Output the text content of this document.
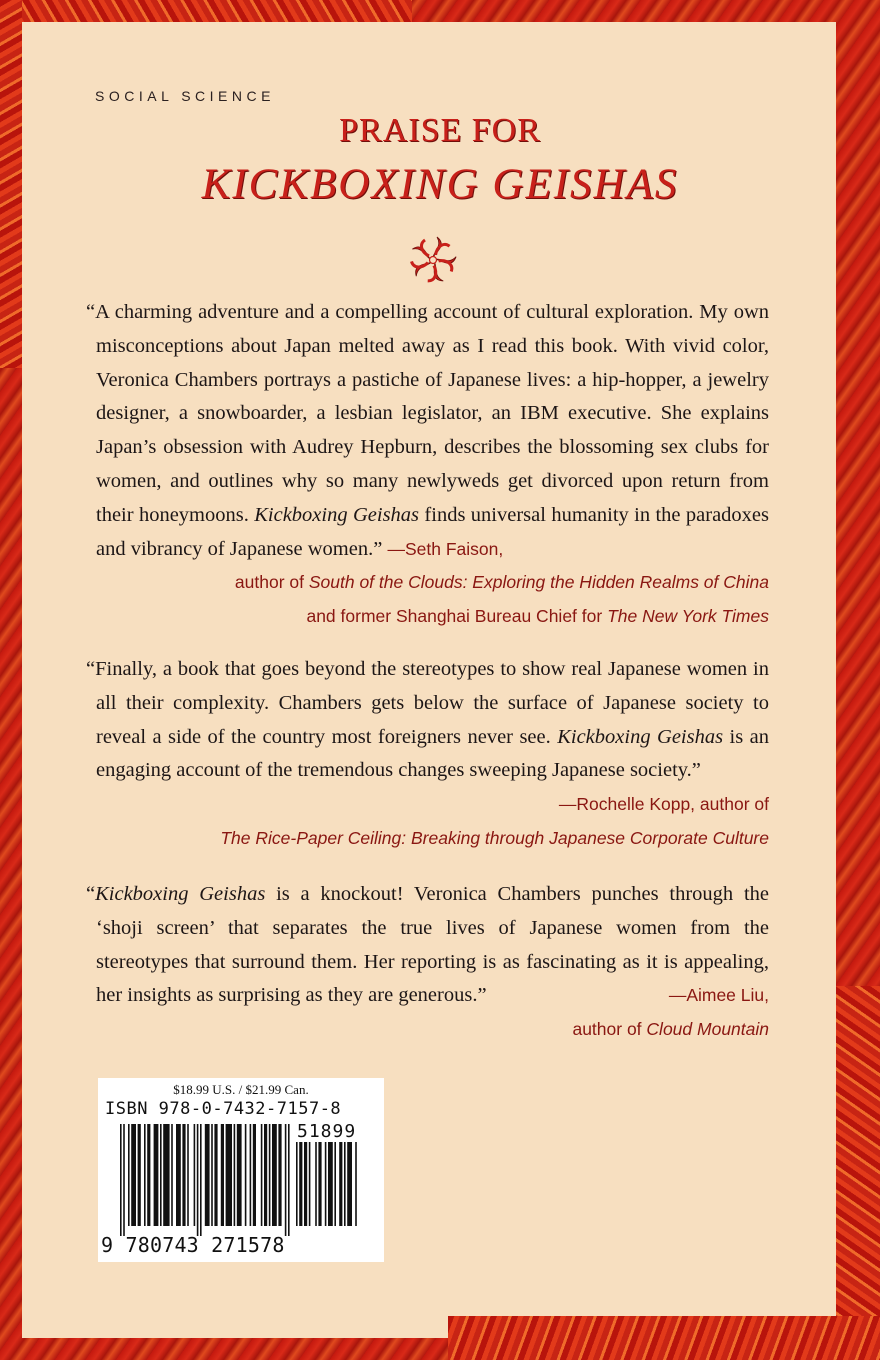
SOCIAL SCIENCE
PRAISE FOR
KICKBOXING GEISHAS

“A charming adventure and a compelling account of cultural exploration. My own misconceptions about Japan melted away as I read this book. With vivid color, Veronica Chambers portrays a pastiche of Japanese lives: a hip-hopper, a jewelry designer, a snowboarder, a lesbian legislator, an IBM executive. She explains Japan’s obsession with Audrey Hepburn, describes the blossoming sex clubs for women, and outlines why so many newlyweds get divorced upon return from their honeymoons. Kickboxing Geishas finds universal humanity in the paradoxes and vibrancy of Japanese women.” —Seth Faison,

author of South of the Clouds: Exploring the Hidden Realms of China
and former Shanghai Bureau Chief for The New York Times

“Finally, a book that goes beyond the stereotypes to show real Japanese women in all their complexity. Chambers gets below the surface of Japanese society to reveal a side of the country most foreigners never see. Kickboxing Geishas is an engaging account of the tremendous changes sweeping Japanese society.”

—Rochelle Kopp, author of
The Rice-Paper Ceiling: Breaking through Japanese Corporate Culture

“Kickboxing Geishas is a knockout! Veronica Chambers punches through the ‘shoji screen’ that separates the true lives of Japanese women from the stereotypes that surround them. Her reporting is as fascinating as it is appealing, her insights as surprising as they are generous.”	—Aimee Liu,
author of Cloud Mountain
$18.99 U.S. / $21.99 Can.
ISBN 978-0-7432-7157-8
51899
9 780743 271578
